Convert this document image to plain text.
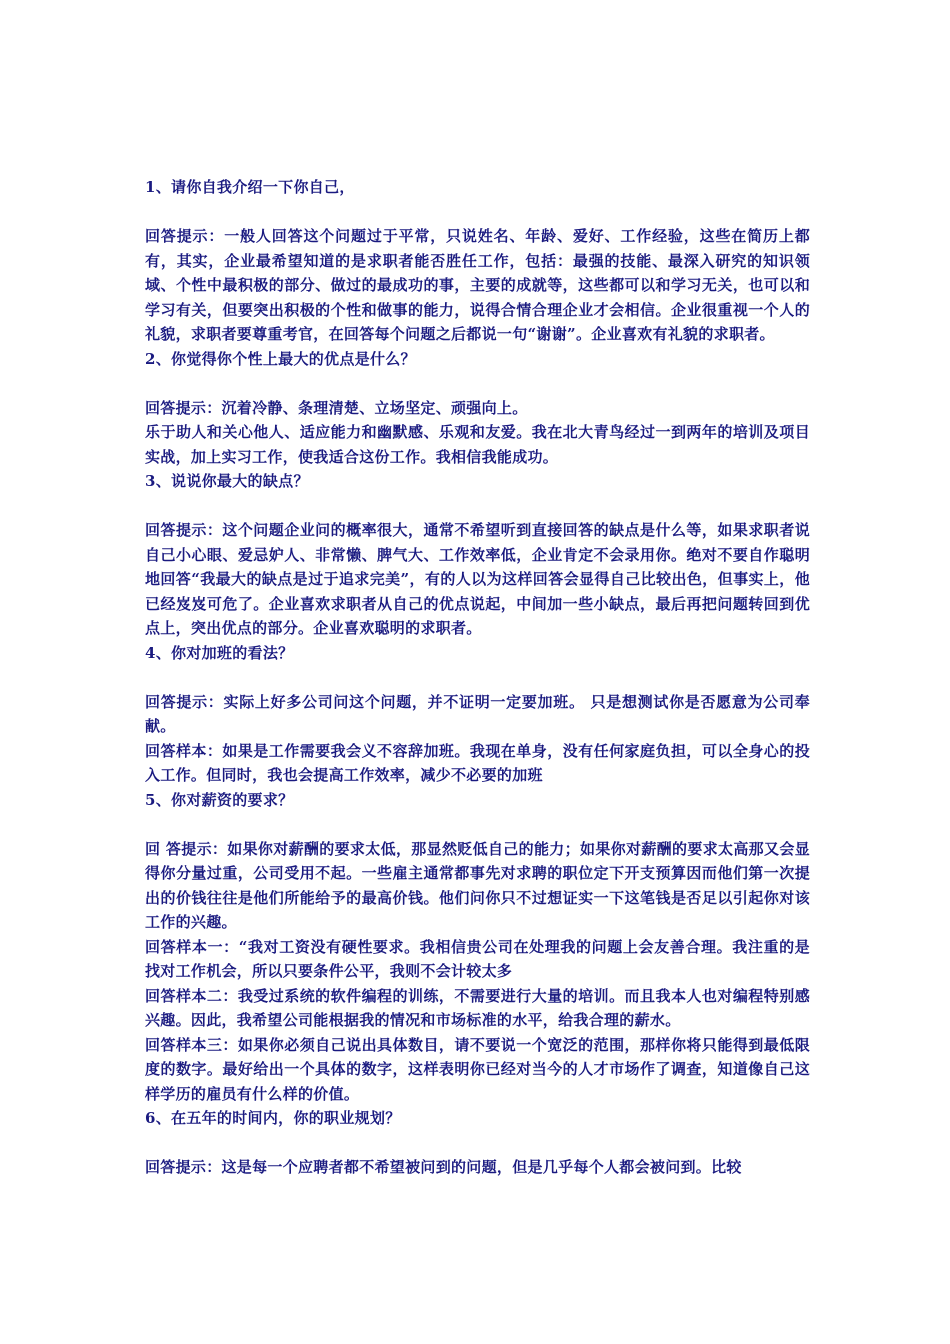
1、请你自我介绍一下你自己，

回答提示：一般人回答这个问题过于平常，只说姓名、年龄、爱好、工作经验，这些在简历上都有，其实，企业最希望知道的是求职者能否胜任工作，包括：最强的技能、最深入研究的知识领域、个性中最积极的部分、做过的最成功的事，主要的成就等，这些都可以和学习无关，也可以和学习有关，但要突出积极的个性和做事的能力，说得合情合理企业才会相信。企业很重视一个人的礼貌，求职者要尊重考官，在回答每个问题之后都说一句“谢谢”。企业喜欢有礼貌的求职者。

2、你觉得你个性上最大的优点是什么？

回答提示：沉着冷静、条理清楚、立场坚定、顽强向上。

乐于助人和关心他人、适应能力和幽默感、乐观和友爱。我在北大青鸟经过一到两年的培训及项目实战，加上实习工作，使我适合这份工作。我相信我能成功。

3、说说你最大的缺点？

回答提示：这个问题企业问的概率很大，通常不希望听到直接回答的缺点是什么等，如果求职者说自己小心眼、爱忌妒人、非常懒、脾气大、工作效率低，企业肯定不会录用你。绝对不要自作聪明地回答“我最大的缺点是过于追求完美”，有的人以为这样回答会显得自己比较出色，但事实上，他已经岌岌可危了。企业喜欢求职者从自己的优点说起，中间加一些小缺点，最后再把问题转回到优点上，突出优点的部分。企业喜欢聪明的求职者。

4、你对加班的看法？

回答提示：实际上好多公司问这个问题，并不证明一定要加班。 只是想测试你是否愿意为公司奉献。

回答样本：如果是工作需要我会义不容辞加班。我现在单身，没有任何家庭负担，可以全身心的投入工作。但同时，我也会提高工作效率，减少不必要的加班

5、你对薪资的要求？

回 答提示：如果你对薪酬的要求太低，那显然贬低自己的能力；如果你对薪酬的要求太高那又会显得你分量过重，公司受用不起。一些雇主通常都事先对求聘的职位定下开支预算因而他们第一次提出的价钱往往是他们所能给予的最高价钱。他们问你只不过想证实一下这笔钱是否足以引起你对该工作的兴趣。

回答样本一：“我对工资没有硬性要求。我相信贵公司在处理我的问题上会友善合理。我注重的是找对工作机会，所以只要条件公平，我则不会计较太多

回答样本二：我受过系统的软件编程的训练，不需要进行大量的培训。而且我本人也对编程特别感兴趣。因此，我希望公司能根据我的情况和市场标准的水平，给我合理的薪水。

回答样本三：如果你必须自己说出具体数目，请不要说一个宽泛的范围，那样你将只能得到最低限度的数字。最好给出一个具体的数字，这样表明你已经对当今的人才市场作了调查，知道像自己这样学历的雇员有什么样的价值。

6、在五年的时间内，你的职业规划？

回答提示：这是每一个应聘者都不希望被问到的问题，但是几乎每个人都会被问到。比较
